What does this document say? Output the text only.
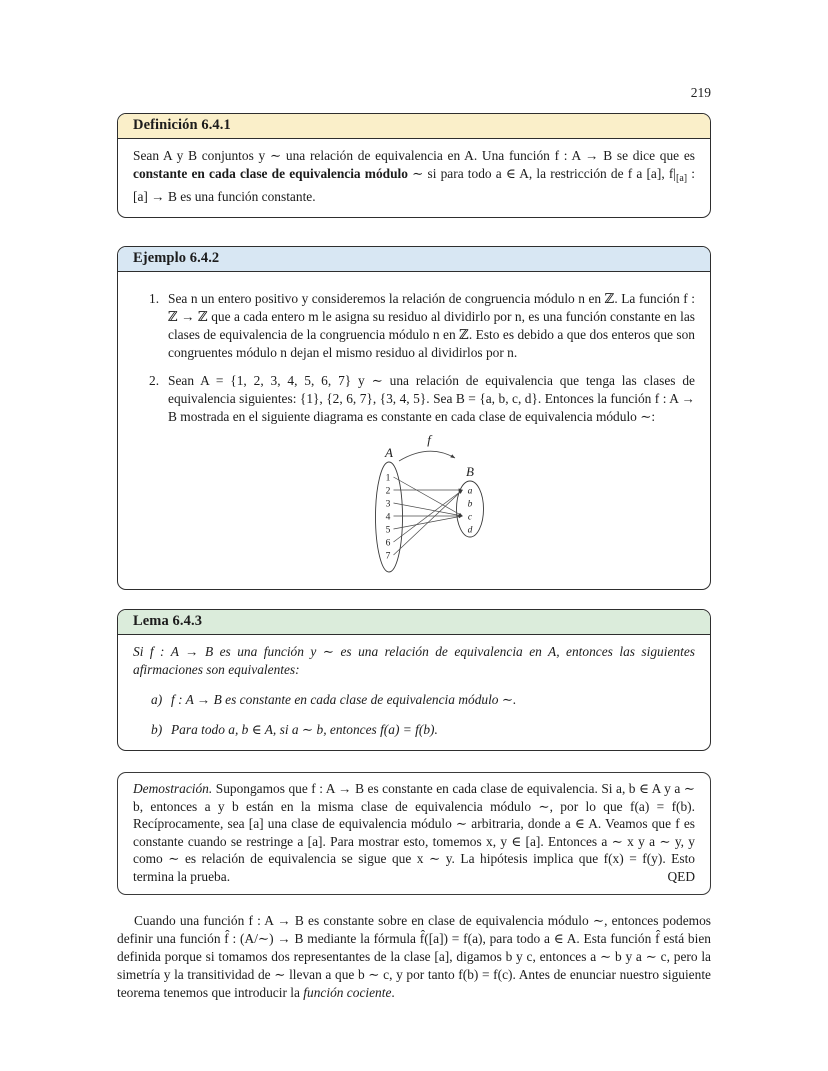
219
Definición 6.4.1
Sean A y B conjuntos y ∼ una relación de equivalencia en A. Una función f : A → B se dice que es constante en cada clase de equivalencia módulo ∼ si para todo a ∈ A, la restricción de f a [a], $f|_{[a]}$ : [a] → B es una función constante.
Ejemplo 6.4.2
1. Sea n un entero positivo y consideremos la relación de congruencia módulo n en ℤ. La función f : ℤ → ℤ que a cada entero m le asigna su residuo al dividirlo por n, es una función constante en las clases de equivalencia de la congruencia módulo n en ℤ. Esto es debido a que dos enteros que son congruentes módulo n dejan el mismo residuo al dividirlos por n.
2. Sean A = {1, 2, 3, 4, 5, 6, 7} y ∼ una relación de equivalencia que tenga las clases de equivalencia siguientes: {1}, {2, 6, 7}, {3, 4, 5}. Sea B = {a, b, c, d}. Entonces la función f : A → B mostrada en el siguiente diagrama es constante en cada clase de equivalencia módulo ∼:
f
A
B
1
2
3
4
5
6
7
a
b
c
d
Lema 6.4.3
Si f : A → B es una función y ∼ es una relación de equivalencia en A, entonces las siguientes afirmaciones son equivalentes:
a) f : A → B es constante en cada clase de equivalencia módulo ∼.
b) Para todo a, b ∈ A, si a ∼ b, entonces f(a) = f(b).
Demostración. Supongamos que f : A → B es constante en cada clase de equivalencia. Si a, b ∈ A y a ∼ b, entonces a y b están en la misma clase de equivalencia módulo ∼, por lo que f(a) = f(b). Recíprocamente, sea [a] una clase de equivalencia módulo ∼ arbitraria, donde a ∈ A. Veamos que f es constante cuando se restringe a [a]. Para mostrar esto, tomemos x, y ∈ [a]. Entonces a ∼ x y a ∼ y, y como ∼ es relación de equivalencia se sigue que x ∼ y. La hipótesis implica que f(x) = f(y). Esto termina la prueba.	QED

Cuando una función f : A → B es constante sobre en clase de equivalencia módulo ∼, entonces podemos definir una función f̂ : (A/∼) → B mediante la fórmula f̂([a]) = f(a), para todo a ∈ A. Esta función f̂ está bien definida porque si tomamos dos representantes de la clase [a], digamos b y c, entonces a ∼ b y a ∼ c, pero la simetría y la transitividad de ∼ llevan a que b ∼ c, y por tanto f(b) = f(c). Antes de enunciar nuestro siguiente teorema tenemos que introducir la función cociente.
